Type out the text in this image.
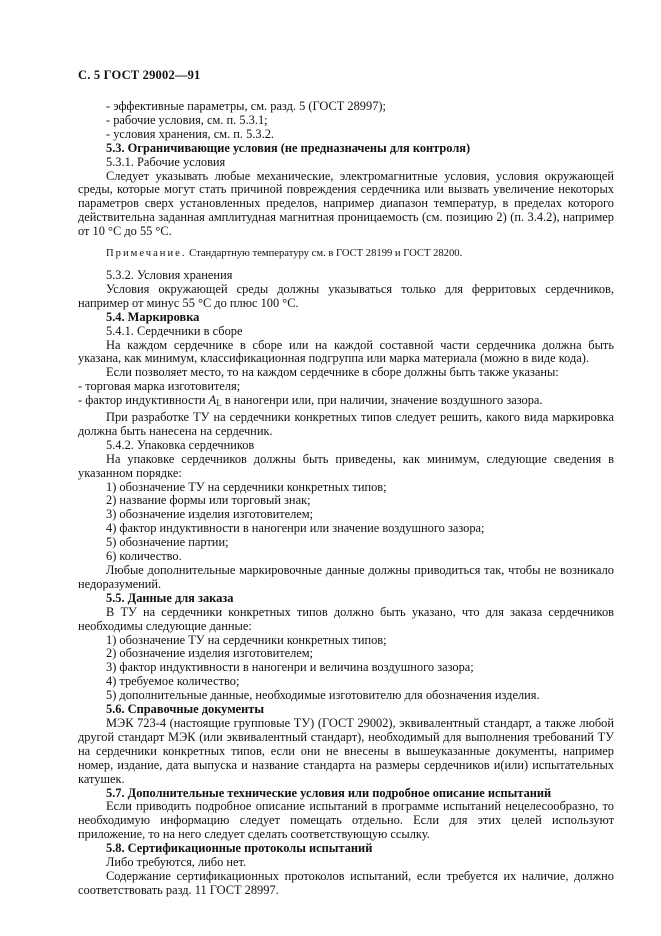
С. 5 ГОСТ 29002—91

- эффективные параметры, см. разд. 5 (ГОСТ 28997);

- рабочие условия, см. п. 5.3.1;

- условия хранения, см. п. 5.3.2.

5.3. Ограничивающие условия (не предназначены для контроля)

5.3.1. Рабочие условия

Следует указывать любые механические, электромагнитные условия, условия окружающей среды, которые могут стать причиной повреждения сердечника или вызвать увеличение некоторых параметров сверх установленных пределов, например диапазон температур, в пределах которого действительна заданная амплитудная магнитная проницаемость (см. позицию 2) (п. 3.4.2), например от 10 °С до 55 °С.

Примечание. Стандартную температуру см. в ГОСТ 28199 и ГОСТ 28200.

5.3.2. Условия хранения

Условия окружающей среды должны указываться только для ферритовых сердечников, например от минус 55 °С до плюс 100 °С.

5.4. Маркировка

5.4.1. Сердечники в сборе

На каждом сердечнике в сборе или на каждой составной части сердечника должна быть указана, как минимум, классификационная подгруппа или марка материала (можно в виде кода).

Если позволяет место, то на каждом сердечнике в сборе должны быть также указаны:

- торговая марка изготовителя;

- фактор индуктивности $A_L$ в наногенри или, при наличии, значение воздушного зазора.

При разработке ТУ на сердечники конкретных типов следует решить, какого вида маркировка должна быть нанесена на сердечник.

5.4.2. Упаковка сердечников

На упаковке сердечников должны быть приведены, как минимум, следующие сведения в указанном порядке:

1) обозначение ТУ на сердечники конкретных типов;

2) название формы или торговый знак;

3) обозначение изделия изготовителем;

4) фактор индуктивности в наногенри или значение воздушного зазора;

5) обозначение партии;

6) количество.

Любые дополнительные маркировочные данные должны приводиться так, чтобы не возникало недоразумений.

5.5. Данные для заказа

В ТУ на сердечники конкретных типов должно быть указано, что для заказа сердечников необходимы следующие данные:

1) обозначение ТУ на сердечники конкретных типов;

2) обозначение изделия изготовителем;

3) фактор индуктивности в наногенри и величина воздушного зазора;

4) требуемое количество;

5) дополнительные данные, необходимые изготовителю для обозначения изделия.

5.6. Справочные документы

МЭК 723-4 (настоящие групповые ТУ) (ГОСТ 29002), эквивалентный стандарт, а также любой другой стандарт МЭК (или эквивалентный стандарт), необходимый для выполнения требований ТУ на сердечники конкретных типов, если они не внесены в вышеуказанные документы, например номер, издание, дата выпуска и название стандарта на размеры сердечников и(или) испытательных катушек.

5.7. Дополнительные технические условия или подробное описание испытаний

Если приводить подробное описание испытаний в программе испытаний нецелесообразно, то необходимую информацию следует помещать отдельно. Если для этих целей используют приложение, то на него следует сделать соответствующую ссылку.

5.8. Сертификационные протоколы испытаний

Либо требуются, либо нет.

Содержание сертификационных протоколов испытаний, если требуется их наличие, должно соответствовать разд. 11 ГОСТ 28997.
